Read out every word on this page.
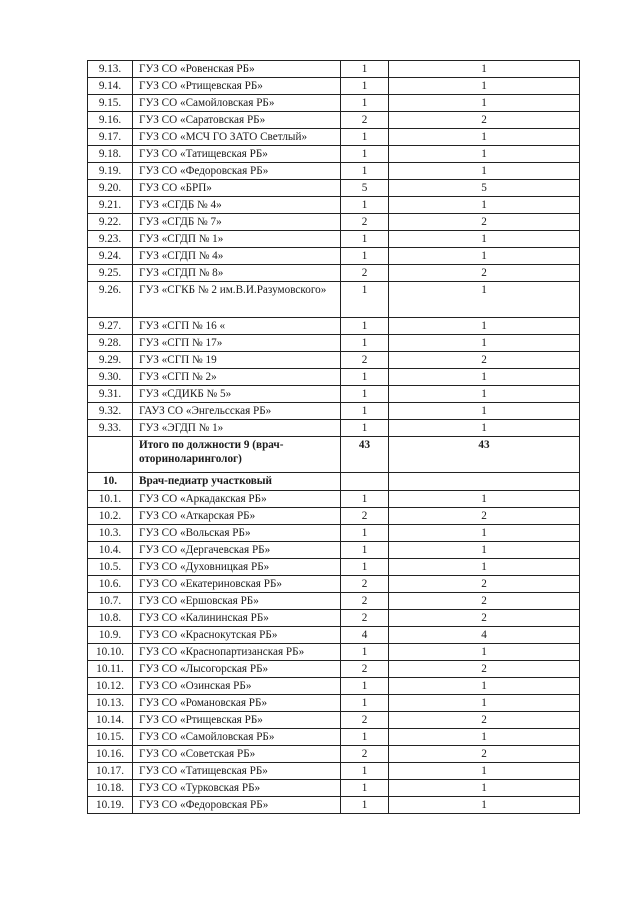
9.13.	ГУЗ СО «Ровенская РБ»	1	1
9.14.	ГУЗ СО «Ртищевская РБ»	1	1
9.15.	ГУЗ СО «Самойловская РБ»	1	1
9.16.	ГУЗ СО «Саратовская РБ»	2	2
9.17.	ГУЗ СО «МСЧ ГО ЗАТО Светлый»	1	1
9.18.	ГУЗ СО «Татищевская РБ»	1	1
9.19.	ГУЗ СО «Федоровская РБ»	1	1
9.20.	ГУЗ СО «БРП»	5	5
9.21.	ГУЗ «СГДБ № 4»	1	1
9.22.	ГУЗ «СГДБ № 7»	2	2
9.23.	ГУЗ «СГДП № 1»	1	1
9.24.	ГУЗ «СГДП № 4»	1	1
9.25.	ГУЗ «СГДП № 8»	2	2
9.26.	ГУЗ «СГКБ № 2 им.В.И.Разумовского»	1	1
9.27.	ГУЗ «СГП № 16 «	1	1
9.28.	ГУЗ «СГП № 17»	1	1
9.29.	ГУЗ «СГП № 19	2	2
9.30.	ГУЗ «СГП № 2»	1	1
9.31.	ГУЗ «СДИКБ № 5»	1	1
9.32.	ГАУЗ СО «Энгельсская РБ»	1	1
9.33.	ГУЗ «ЭГДП № 1»	1	1
	Итого по должности 9 (врач-оториноларинголог)	43	43
10.	Врач-педиатр участковый		
10.1.	ГУЗ СО «Аркадакская РБ»	1	1
10.2.	ГУЗ СО «Аткарская РБ»	2	2
10.3.	ГУЗ СО «Вольская РБ»	1	1
10.4.	ГУЗ СО «Дергачевская РБ»	1	1
10.5.	ГУЗ СО «Духовницкая РБ»	1	1
10.6.	ГУЗ СО «Екатериновская РБ»	2	2
10.7.	ГУЗ СО «Ершовская РБ»	2	2
10.8.	ГУЗ СО «Калининская РБ»	2	2
10.9.	ГУЗ СО «Краснокутская РБ»	4	4
10.10.	ГУЗ СО «Краснопартизанская РБ»	1	1
10.11.	ГУЗ СО «Лысогорская РБ»	2	2
10.12.	ГУЗ СО «Озинская РБ»	1	1
10.13.	ГУЗ СО «Романовская РБ»	1	1
10.14.	ГУЗ СО «Ртищевская РБ»	2	2
10.15.	ГУЗ СО «Самойловская РБ»	1	1
10.16.	ГУЗ СО «Советская РБ»	2	2
10.17.	ГУЗ СО «Татищевская РБ»	1	1
10.18.	ГУЗ СО «Турковская РБ»	1	1
10.19.	ГУЗ СО «Федоровская РБ»	1	1
